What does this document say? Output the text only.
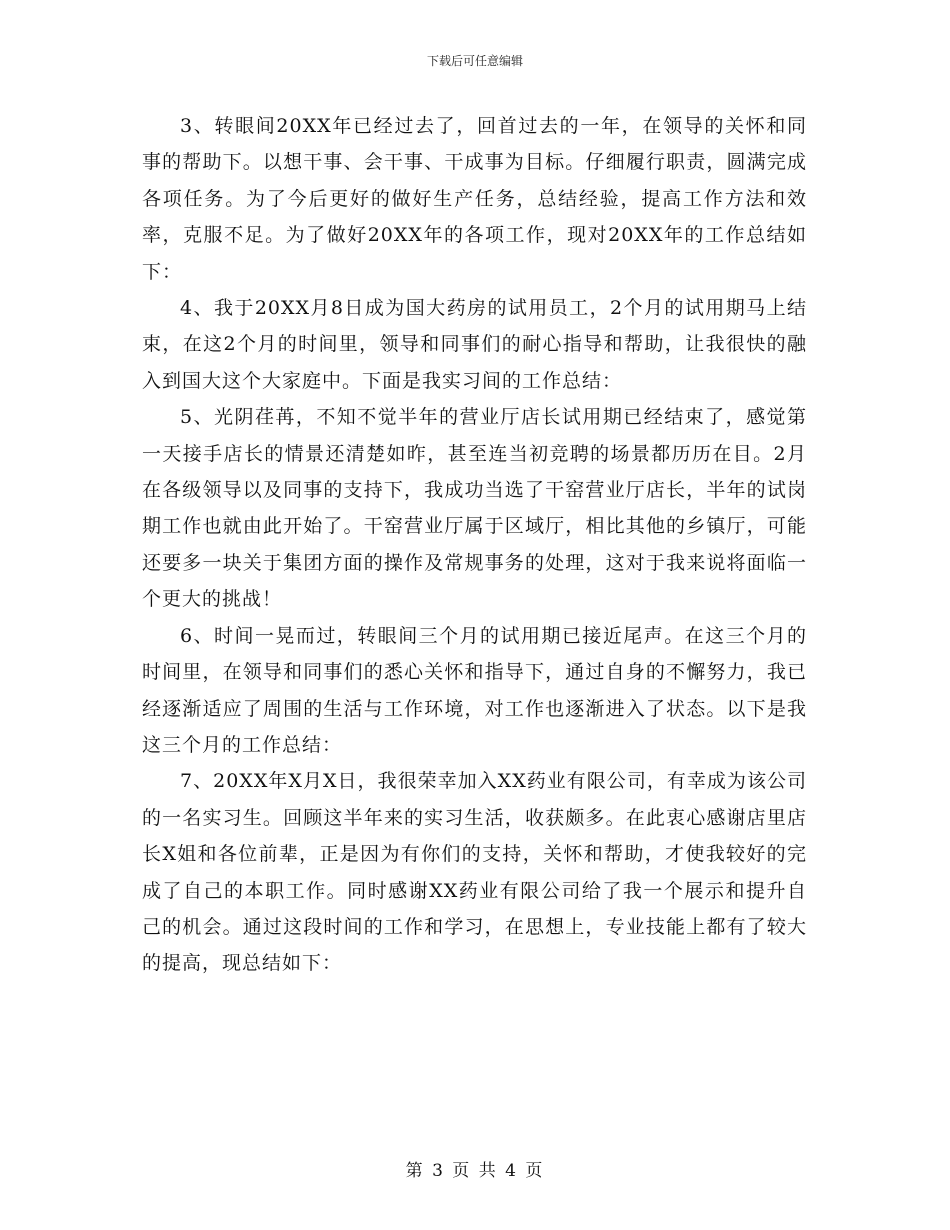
下载后可任意编辑

3、转眼间20XX年已经过去了，回首过去的一年，在领导的关怀和同事的帮助下。以想干事、会干事、干成事为目标。仔细履行职责，圆满完成各项任务。为了今后更好的做好生产任务，总结经验，提高工作方法和效率，克服不足。为了做好20XX年的各项工作，现对20XX年的工作总结如下：

4、我于20XX月8日成为国大药房的试用员工，2个月的试用期马上结束，在这2个月的时间里，领导和同事们的耐心指导和帮助，让我很快的融入到国大这个大家庭中。下面是我实习间的工作总结：

5、光阴荏苒，不知不觉半年的营业厅店长试用期已经结束了，感觉第一天接手店长的情景还清楚如昨，甚至连当初竞聘的场景都历历在目。2月在各级领导以及同事的支持下，我成功当选了干窑营业厅店长，半年的试岗期工作也就由此开始了。干窑营业厅属于区域厅，相比其他的乡镇厅，可能还要多一块关于集团方面的操作及常规事务的处理，这对于我来说将面临一个更大的挑战！

6、时间一晃而过，转眼间三个月的试用期已接近尾声。在这三个月的时间里，在领导和同事们的悉心关怀和指导下，通过自身的不懈努力，我已经逐渐适应了周围的生活与工作环境，对工作也逐渐进入了状态。以下是我这三个月的工作总结：

7、20XX年X月X日，我很荣幸加入XX药业有限公司，有幸成为该公司的一名实习生。回顾这半年来的实习生活，收获颇多。在此衷心感谢店里店长X姐和各位前辈，正是因为有你们的支持，关怀和帮助，才使我较好的完成了自己的本职工作。同时感谢XX药业有限公司给了我一个展示和提升自己的机会。通过这段时间的工作和学习，在思想上，专业技能上都有了较大的提高，现总结如下：

第 3 页 共 4 页
